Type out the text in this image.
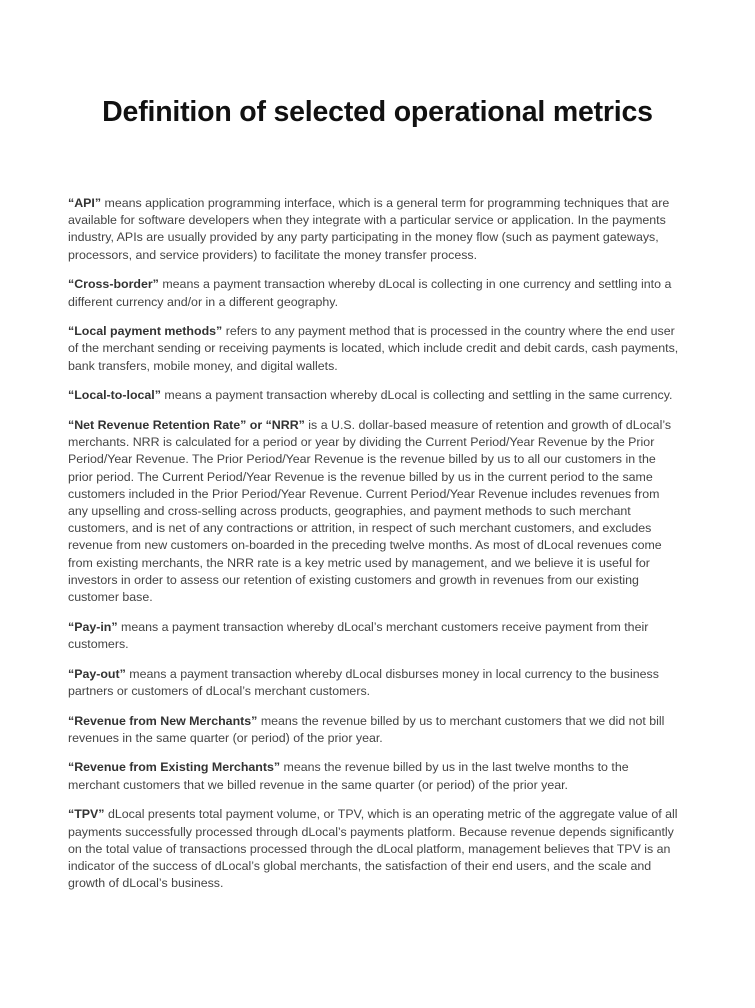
Definition of selected operational metrics

“API” means application programming interface, which is a general term for programming techniques that are available for software developers when they integrate with a particular service or application. In the payments industry, APIs are usually provided by any party participating in the money flow (such as payment gateways, processors, and service providers) to facilitate the money transfer process.

“Cross-border” means a payment transaction whereby dLocal is collecting in one currency and settling into a different currency and/or in a different geography.

“Local payment methods” refers to any payment method that is processed in the country where the end user of the merchant sending or receiving payments is located, which include credit and debit cards, cash payments, bank transfers, mobile money, and digital wallets.

“Local-to-local” means a payment transaction whereby dLocal is collecting and settling in the same currency.

“Net Revenue Retention Rate” or “NRR” is a U.S. dollar-based measure of retention and growth of dLocal’s merchants. NRR is calculated for a period or year by dividing the Current Period/Year Revenue by the Prior Period/Year Revenue. The Prior Period/Year Revenue is the revenue billed by us to all our customers in the prior period. The Current Period/Year Revenue is the revenue billed by us in the current period to the same customers included in the Prior Period/Year Revenue. Current Period/Year Revenue includes revenues from any upselling and cross-selling across products, geographies, and payment methods to such merchant customers, and is net of any contractions or attrition, in respect of such merchant customers, and excludes revenue from new customers on-boarded in the preceding twelve months. As most of dLocal revenues come from existing merchants, the NRR rate is a key metric used by management, and we believe it is useful for investors in order to assess our retention of existing customers and growth in revenues from our existing customer base.

“Pay-in” means a payment transaction whereby dLocal’s merchant customers receive payment from their customers.

“Pay-out” means a payment transaction whereby dLocal disburses money in local currency to the business partners or customers of dLocal’s merchant customers.

“Revenue from New Merchants” means the revenue billed by us to merchant customers that we did not bill revenues in the same quarter (or period) of the prior year.

“Revenue from Existing Merchants” means the revenue billed by us in the last twelve months to the merchant customers that we billed revenue in the same quarter (or period) of the prior year.

“TPV” dLocal presents total payment volume, or TPV, which is an operating metric of the aggregate value of all payments successfully processed through dLocal’s payments platform. Because revenue depends significantly on the total value of transactions processed through the dLocal platform, management believes that TPV is an indicator of the success of dLocal’s global merchants, the satisfaction of their end users, and the scale and growth of dLocal’s business.
